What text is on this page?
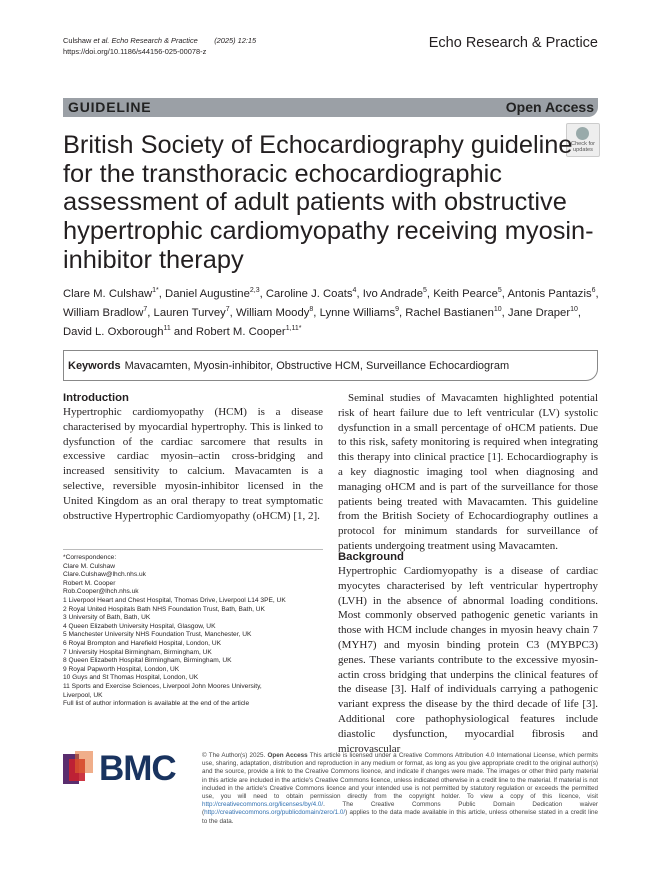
Culshaw et al. Echo Research & Practice (2025) 12:15
https://doi.org/10.1186/s44156-025-00078-z	Echo Research & Practice
GUIDELINE	Open Access
Check for
updates
British Society of Echocardiography guideline for the transthoracic echocardiographic assessment of adult patients with obstructive hypertrophic cardiomyopathy receiving myosin-inhibitor therapy
Clare M. Culshaw$^{1*}$, Daniel Augustine$^{2,3}$, Caroline J. Coats$^4$, Ivo Andrade$^5$, Keith Pearce$^5$, Antonis Pantazis$^6$,
William Bradlow$^7$, Lauren Turvey$^7$, William Moody$^8$, Lynne Williams$^9$, Rachel Bastianen$^{10}$, Jane Draper$^{10}$,
David L. Oxborough$^{11}$ and Robert M. Cooper$^{1,11*}$
Keywords Mavacamten, Myosin-inhibitor, Obstructive HCM, Surveillance Echocardiogram
Introduction
Hypertrophic cardiomyopathy (HCM) is a disease characterised by myocardial hypertrophy. This is linked to dysfunction of the cardiac sarcomere that results in excessive cardiac myosin–actin cross-bridging and increased sensitivity to calcium. Mavacamten is a selective, reversible myosin-inhibitor licensed in the United Kingdom as an oral therapy to treat symptomatic obstructive Hypertrophic Cardiomyopathy (oHCM) [1, 2].
*Correspondence:
Clare M. Culshaw
Clare.Culshaw@lhch.nhs.uk
Robert M. Cooper
Rob.Cooper@lhch.nhs.uk
1 Liverpool Heart and Chest Hospital, Thomas Drive, Liverpool L14 3PE, UK
2 Royal United Hospitals Bath NHS Foundation Trust, Bath, Bath, UK
3 University of Bath, Bath, UK
4 Queen Elizabeth University Hospital, Glasgow, UK
5 Manchester University NHS Foundation Trust, Manchester, UK
6 Royal Brompton and Harefield Hospital, London, UK
7 University Hospital Birmingham, Birmingham, UK
8 Queen Elizabeth Hospital Birmingham, Birmingham, UK
9 Royal Papworth Hospital, London, UK
10 Guys and St Thomas Hospital, London, UK
11 Sports and Exercise Sciences, Liverpool John Moores University,
Liverpool, UK
Full list of author information is available at the end of the article
Seminal studies of Mavacamten highlighted potential risk of heart failure due to left ventricular (LV) systolic dysfunction in a small percentage of oHCM patients. Due to this risk, safety monitoring is required when integrating this therapy into clinical practice [1]. Echocardiography is a key diagnostic imaging tool when diagnosing and managing oHCM and is part of the surveillance for those patients being treated with Mavacamten. This guideline from the British Society of Echocardiography outlines a protocol for minimum standards for surveillance of patients undergoing treatment using Mavacamten.
Background
Hypertrophic Cardiomyopathy is a disease of cardiac myocytes characterised by left ventricular hypertrophy (LVH) in the absence of abnormal loading conditions. Most commonly observed pathogenic genetic variants in those with HCM include changes in myosin heavy chain 7 (MYH7) and myosin binding protein C3 (MYBPC3) genes. These variants contribute to the excessive myosin-actin cross bridging that underpins the clinical features of the disease [3]. Half of individuals carrying a pathogenic variant express the disease by the third decade of life [3]. Additional core pathophysiological features include diastolic dysfunction, myocardial fibrosis and microvascular
BMC	© The Author(s) 2025. Open Access This article is licensed under a Creative Commons Attribution 4.0 International License, which permits use, sharing, adaptation, distribution and reproduction in any medium or format, as long as you give appropriate credit to the original author(s) and the source, provide a link to the Creative Commons licence, and indicate if changes were made. The images or other third party material in this article are included in the article's Creative Commons licence, unless indicated otherwise in a credit line to the material. If material is not included in the article's Creative Commons licence and your intended use is not permitted by statutory regulation or exceeds the permitted use, you will need to obtain permission directly from the copyright holder. To view a copy of this licence, visit http://creativecommons.org/licenses/by/4.0/. The Creative Commons Public Domain Dedication waiver (http://creativecommons.org/publicdomain/zero/1.0/) applies to the data made available in this article, unless otherwise stated in a credit line to the data.
